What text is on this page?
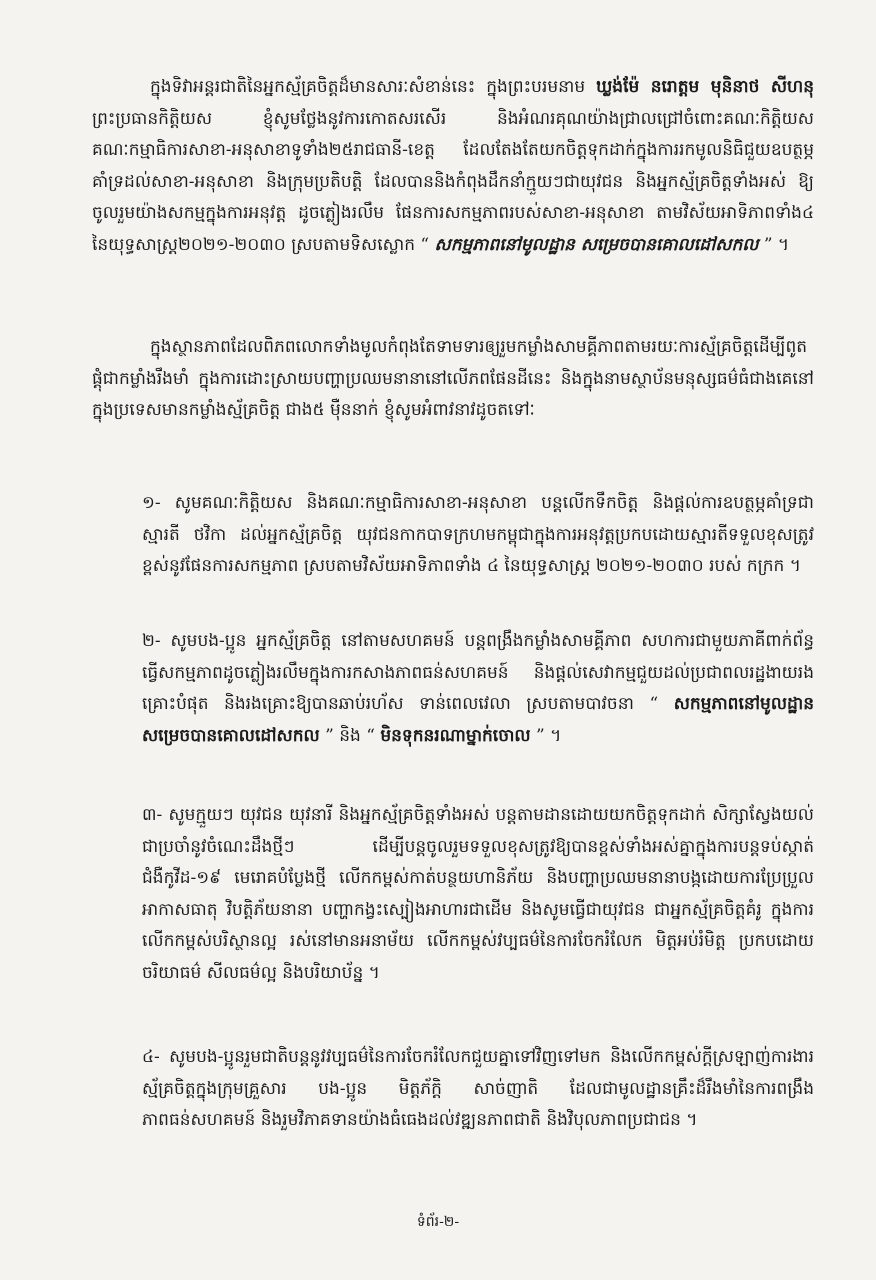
ក្នុងទិវាអន្តរជាតិនៃអ្នកស្ម័គ្រចិត្តដ៏មានសារៈសំខាន់នេះ ក្នុងព្រះបរមនាម ឃ្លង់ម៉ែ នរោត្តម មុនិនាថ សីហនុ ព្រះប្រធានកិត្តិយស ខ្ញុំសូមថ្លែងនូវការកោតសរសើរ និងអំណរគុណយ៉ាងជ្រាលជ្រៅចំពោះគណៈកិត្តិយស គណៈកម្មាធិការសាខា-អនុសាខាទូទាំង២៥រាជធានី-ខេត្ត ដែលតែងតែយកចិត្តទុកដាក់ក្នុងការរកមូលនិធិជួយឧបត្ថម្ភគាំទ្រដល់សាខា-អនុសាខា និងក្រុមប្រតិបត្តិ ដែលបាននិងកំពុងដឹកនាំក្មួយៗជាយុវជន និងអ្នកស្ម័គ្រចិត្តទាំងអស់ ឱ្យចូលរួមយ៉ាងសកម្មក្នុងការអនុវត្ត ដូចភ្លៀងរលឹម ផែនការសកម្មភាពរបស់សាខា-អនុសាខា តាមវិស័យអាទិភាពទាំង៤ នៃយុទ្ធសាស្ត្រ២០២១-២០៣០ ស្របតាមទិសស្លោក “ សកម្មភាពនៅមូលដ្ឋាន សម្រេចបានគោលដៅសកល ” ។

ក្នុងស្ថានភាពដែលពិភពលោកទាំងមូលកំពុងតែទាមទារឲ្យរួមកម្លាំងសាមគ្គីភាពតាមរយៈការស្ម័គ្រចិត្តដើម្បីពូតផ្តុំជាកម្លាំងរឹងមាំ ក្នុងការដោះស្រាយបញ្ហាប្រឈមនានានៅលើភពផែនដីនេះ និងក្នុងនាមស្ថាប័នមនុស្សធម៌ធំជាងគេនៅក្នុងប្រទេសមានកម្លាំងស្ម័គ្រចិត្ត ជាង៥ ម៉ឺននាក់ ខ្ញុំសូមអំពាវនាវដូចតទៅៈ

១- សូមគណៈកិត្តិយស និងគណៈកម្មាធិការសាខា-អនុសាខា បន្តលើកទឹកចិត្ត និងផ្តល់ការឧបត្ថម្ភគាំទ្រជាស្មារតី ថវិកា ដល់អ្នកស្ម័គ្រចិត្ត យុវជនកាកបាទក្រហមកម្ពុជាក្នុងការអនុវត្តប្រកបដោយស្មារតីទទួលខុសត្រូវខ្ពស់នូវផែនការសកម្មភាព ស្របតាមវិស័យអាទិភាពទាំង ៤ នៃយុទ្ធសាស្ត្រ ២០២១-២០៣០ របស់ កក្រក ។

២- សូមបង-ប្អូន អ្នកស្ម័គ្រចិត្ត នៅតាមសហគមន៍ បន្តពង្រឹងកម្លាំងសាមគ្គីភាព សហការជាមួយភាគីពាក់ព័ន្ធ ធ្វើសកម្មភាពដូចភ្លៀងរលឹមក្នុងការកសាងភាពធន់សហគមន៍ និងផ្តល់សេវាកម្មជួយដល់ប្រជាពលរដ្ឋងាយរងគ្រោះបំផុត និងរងគ្រោះឱ្យបានឆាប់រហ័ស ទាន់ពេលវេលា ស្របតាមបាវចនា “ សកម្មភាពនៅមូលដ្ឋាន សម្រេចបានគោលដៅសកល ” និង “ មិនទុកនរណាម្នាក់ចោល ” ។

៣- សូមក្មួយៗ យុវជន យុវនារី និងអ្នកស្ម័គ្រចិត្តទាំងអស់ បន្តតាមដានដោយយកចិត្តទុកដាក់ សិក្សាស្វែងយល់ ជាប្រចាំនូវចំណេះដឹងថ្មីៗ ដើម្បីបន្តចូលរួមទទួលខុសត្រូវឱ្យបានខ្ពស់ទាំងអស់គ្នាក្នុងការបន្តទប់ស្កាត់ជំងឺកូវីដ-១៩ មេរោគបំប្លែងថ្មី លើកកម្ពស់កាត់បន្ថយហានិភ័យ និងបញ្ហាប្រឈមនានាបង្កដោយការប្រែប្រួលអាកាសធាតុ វិបត្តិភ័យនានា បញ្ហាកង្វះស្បៀងអាហារជាដើម និងសូមធ្វើជាយុវជន ជាអ្នកស្ម័គ្រចិត្តគំរូ ក្នុងការលើកកម្ពស់បរិស្ថានល្អ រស់នៅមានអនាម័យ លើកកម្ពស់វប្បធម៌នៃការចែករំលែក មិត្តអប់រំមិត្ត ប្រកបដោយចរិយាធម៌ សីលធម៌ល្អ និងបរិយាប័ន្ន ។

៤- សូមបង-ប្អូនរួមជាតិបន្តនូវវប្បធម៌នៃការចែករំលែកជួយគ្នាទៅវិញទៅមក និងលើកកម្ពស់ក្តីស្រឡាញ់ការងារស្ម័គ្រចិត្តក្នុងក្រុមគ្រួសារ បង-ប្អូន មិត្តភ័ក្តិ សាច់ញាតិ ដែលជាមូលដ្ឋានគ្រឹះដ៏រឹងមាំនៃការពង្រឹងភាពធន់សហគមន៍ និងរួមវិភាគទានយ៉ាងធំធេងដល់វឌ្ឍនភាពជាតិ និងវិបុលភាពប្រជាជន ។

ទំព័រ-២-
